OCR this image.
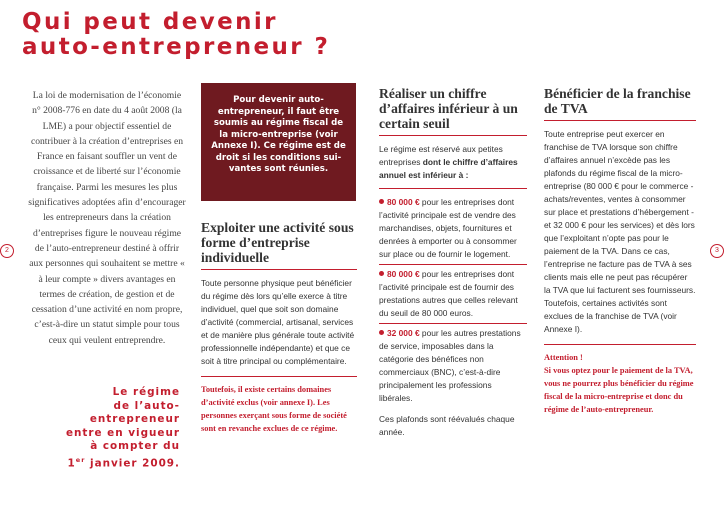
Qui peut devenir
auto-entrepreneur ?

La loi de modernisation de l’économie n° 2008-776 en date du 4 août 2008 (la LME) a pour objectif essentiel de contribuer à la création d’entreprises en France en faisant souffler un vent de croissance et de liberté sur l’économie française. Parmi les mesures les plus significatives adoptées afin d’encourager les entrepreneurs dans la création d’entreprises figure le nouveau régime de l’auto-entrepreneur destiné à offrir aux personnes qui souhaitent se mettre « à leur compte » divers avantages en termes de création, de gestion et de cessation d’une activité en nom propre, c’est-à-dire un statut simple pour tous ceux qui veulent entreprendre.

Le régime
de l’auto-entrepreneur
entre en vigueur
à compter du
1er janvier 2009.
Pour devenir auto-entrepreneur, il faut être soumis au régime fiscal de la micro-entreprise (voir Annexe I). Ce régime est de droit si les conditions sui-vantes sont réunies.
Exploiter une activité sous forme d’entreprise individuelle

Toute personne physique peut bénéficier du régime dès lors qu’elle exerce à titre individuel, quel que soit son domaine d’activité (commercial, artisanal, services et de manière plus générale toute activité professionnelle indépendante) et que ce soit à titre principal ou complémentaire.

Toutefois, il existe certains domaines d’activité exclus (voir annexe I). Les personnes exerçant sous forme de société sont en revanche exclues de ce régime.

Réaliser un chiffre d’affaires inférieur à un certain seuil

Le régime est réservé aux petites entreprises dont le chiffre d’affaires annuel est inférieur à :

80 000 € pour les entreprises dont l’activité principale est de vendre des marchandises, objets, fournitures et denrées à emporter ou à consommer sur place ou de fournir le logement.

80 000 € pour les entreprises dont l’activité principale est de fournir des prestations autres que celles relevant du seuil de 80 000 euros.

32 000 € pour les autres prestations de service, imposables dans la catégorie des bénéfices non commerciaux (BNC), c’est-à-dire principalement les professions libérales.

Ces plafonds sont réévalués chaque année.

Bénéficier de la franchise de TVA

Toute entreprise peut exercer en franchise de TVA lorsque son chiffre d’affaires annuel n’excède pas les plafonds du régime fiscal de la micro-entreprise (80 000 € pour le commerce - achats/reventes, ventes à consommer sur place et prestations d’hébergement - et 32 000 € pour les services) et dès lors que l’exploitant n’opte pas pour le paiement de la TVA. Dans ce cas, l’entreprise ne facture pas de TVA à ses clients mais elle ne peut pas récupérer la TVA que lui facturent ses fournisseurs. Toutefois, certaines activités sont exclues de la franchise de TVA (voir Annexe I).

Attention !

Si vous optez pour le paiement de la TVA, vous ne pourrez plus bénéficier du régime fiscal de la micro-entreprise et donc du régime de l’auto-entrepreneur.

2	3
